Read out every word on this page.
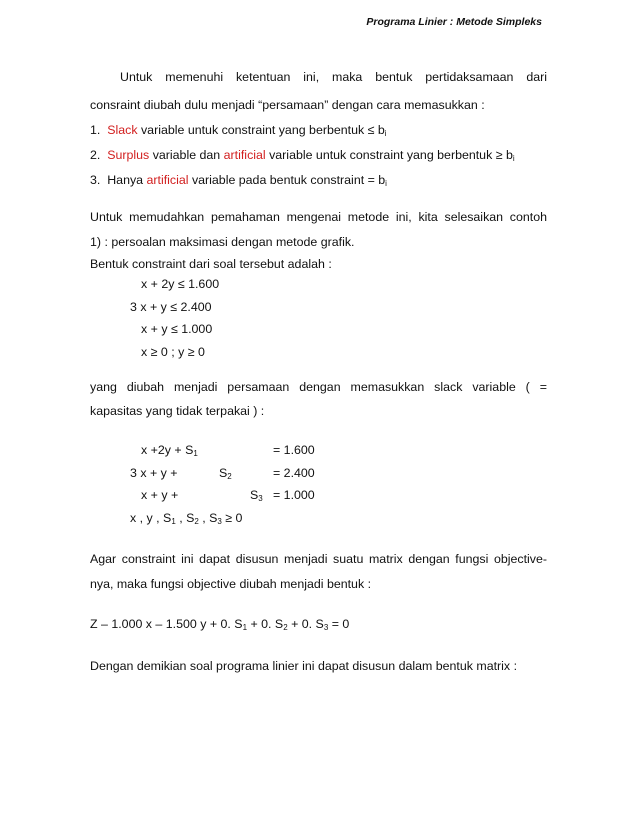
Programa Linier : Metode Simpleks
Untuk memenuhi ketentuan ini, maka bentuk pertidaksamaan dari
consraint diubah dulu menjadi “persamaan” dengan cara memasukkan :
1. Slack variable untuk constraint yang berbentuk ≤ $b_i$
2. Surplus variable dan artificial variable untuk constraint yang berbentuk ≥ $b_i$
3. Hanya artificial variable pada bentuk constraint = $b_i$
Untuk memudahkan pemahaman mengenai metode ini, kita selesaikan contoh
1) : persoalan maksimasi dengan metode grafik.
Bentuk constraint dari soal tersebut adalah :
x + 2y ≤ 1.600
3 x + y ≤ 2.400
x + y ≤ 1.000
x ≥ 0 ; y ≥ 0
yang diubah menjadi persamaan dengan memasukkan slack variable ( =
kapasitas yang tidak terpakai ) :
$x +2y + S_1$	= 1.600
3 x + y +	$S_2$	= 2.400
x + y +	$S_3 = 1.000$
x , y , $S_1$ , $S_2$ , $S_3 \ge 0$
Agar constraint ini dapat disusun menjadi suatu matrix dengan fungsi objective-
nya, maka fungsi objective diubah menjadi bentuk :
Z – 1.000 x – 1.500 y + 0. $S_1 + 0$. $S_2 + 0$. $S_3 = 0$
Dengan demikian soal programa linier ini dapat disusun dalam bentuk matrix :
